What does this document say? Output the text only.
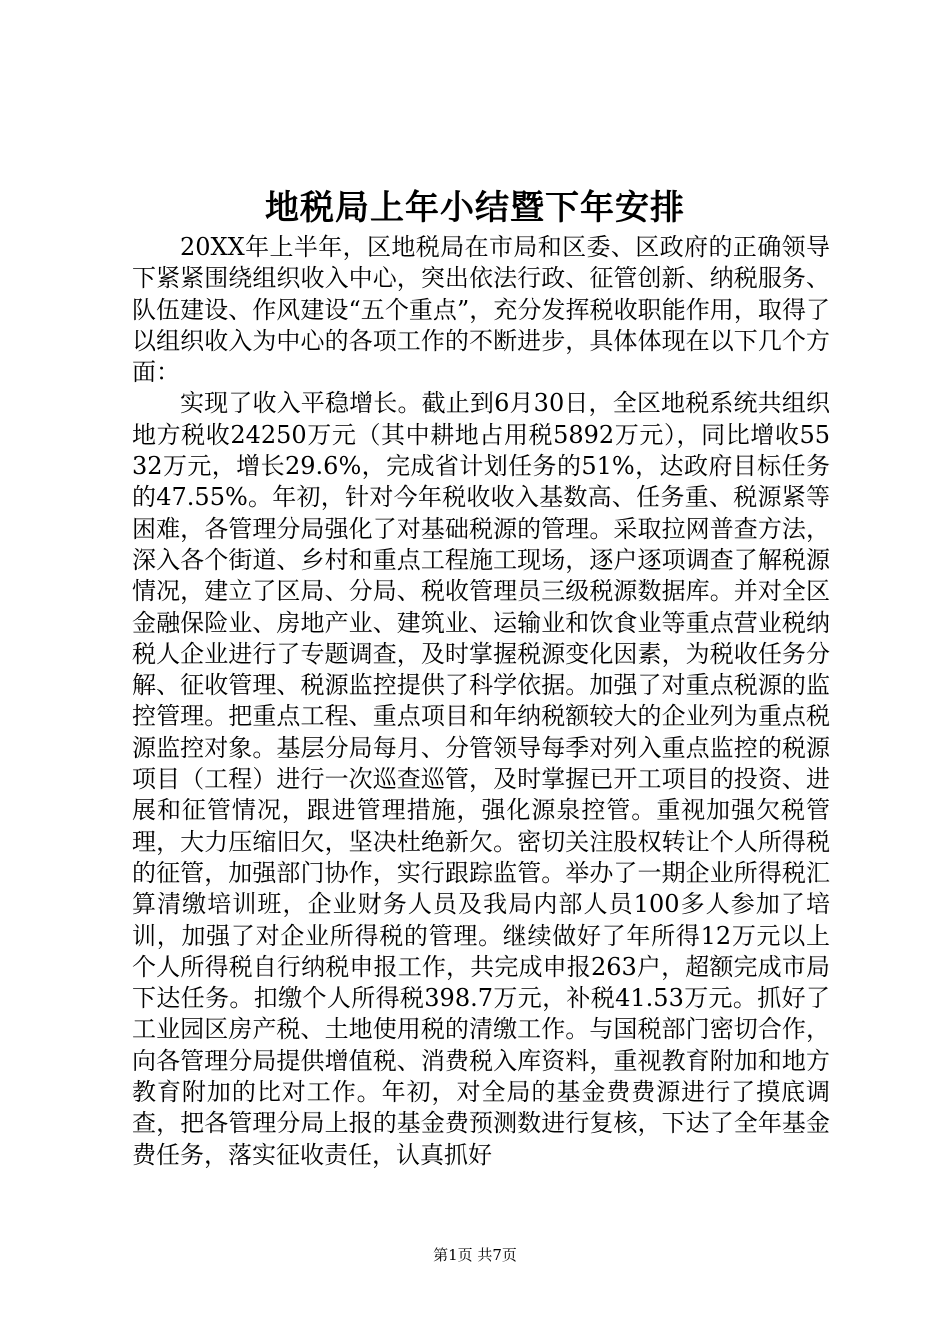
地税局上年小结暨下年安排

20XX年上半年，区地税局在市局和区委、区政府的正确领导下紧紧围绕组织收入中心，突出依法行政、征管创新、纳税服务、队伍建设、作风建设“五个重点”，充分发挥税收职能作用，取得了以组织收入为中心的各项工作的不断进步，具体体现在以下几个方面：

实现了收入平稳增长。截止到6月30日，全区地税系统共组织地方税收24250万元（其中耕地占用税5892万元），同比增收5532万元，增长29.6%，完成省计划任务的51%，达政府目标任务的47.55%。年初，针对今年税收收入基数高、任务重、税源紧等困难，各管理分局强化了对基础税源的管理。采取拉网普查方法，深入各个街道、乡村和重点工程施工现场，逐户逐项调查了解税源情况，建立了区局、分局、税收管理员三级税源数据库。并对全区金融保险业、房地产业、建筑业、运输业和饮食业等重点营业税纳税人企业进行了专题调查，及时掌握税源变化因素，为税收任务分解、征收管理、税源监控提供了科学依据。加强了对重点税源的监控管理。把重点工程、重点项目和年纳税额较大的企业列为重点税源监控对象。基层分局每月、分管领导每季对列入重点监控的税源项目（工程）进行一次巡查巡管，及时掌握已开工项目的投资、进展和征管情况，跟进管理措施，强化源泉控管。重视加强欠税管理，大力压缩旧欠，坚决杜绝新欠。密切关注股权转让个人所得税的征管，加强部门协作，实行跟踪监管。举办了一期企业所得税汇算清缴培训班，企业财务人员及我局内部人员100多人参加了培训，加强了对企业所得税的管理。继续做好了年所得12万元以上个人所得税自行纳税申报工作，共完成申报263户，超额完成市局下达任务。扣缴个人所得税398.7万元，补税41.53万元。抓好了工业园区房产税、土地使用税的清缴工作。与国税部门密切合作，向各管理分局提供增值税、消费税入库资料，重视教育附加和地方教育附加的比对工作。年初，对全局的基金费费源进行了摸底调查，把各管理分局上报的基金费预测数进行复核，下达了全年基金费任务，落实征收责任，认真抓好

第1页 共7页
